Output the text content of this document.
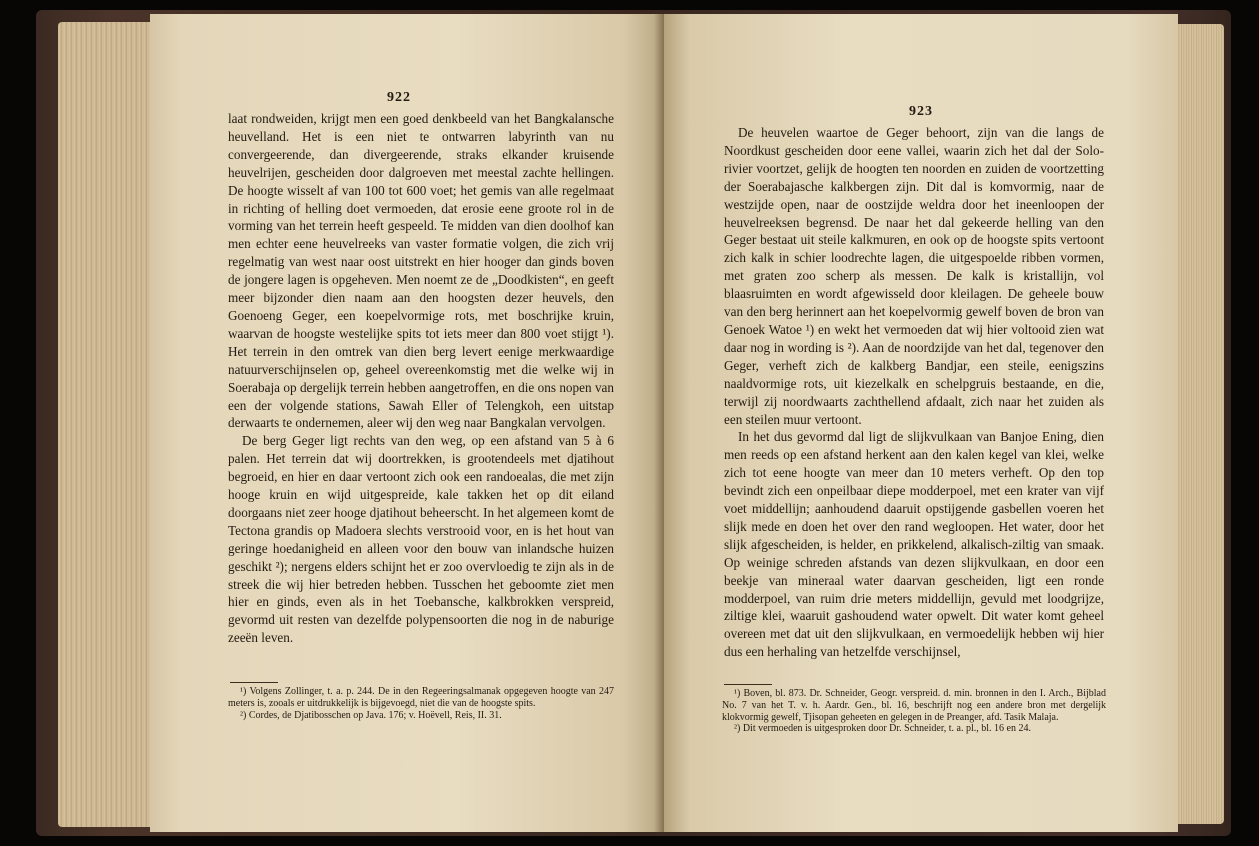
922

laat rondweiden, krijgt men een goed denkbeeld van het Bangkalansche heuvelland. Het is een niet te ontwarren labyrinth van nu convergeerende, dan divergeerende, straks elkander kruisende heuvelrijen, gescheiden door dalgroeven met meestal zachte hellingen. De hoogte wisselt af van 100 tot 600 voet; het gemis van alle regelmaat in richting of helling doet vermoeden, dat erosie eene groote rol in de vorming van het terrein heeft gespeeld. Te midden van dien doolhof kan men echter eene heuvelreeks van vaster formatie volgen, die zich vrij regelmatig van west naar oost uitstrekt en hier hooger dan ginds boven de jongere lagen is opgeheven. Men noemt ze de „Doodkisten“, en geeft meer bijzonder dien naam aan den hoogsten dezer heuvels, den Goenoeng Geger, een koepelvormige rots, met boschrijke kruin, waarvan de hoogste westelijke spits tot iets meer dan 800 voet stijgt ¹). Het terrein in den omtrek van dien berg levert eenige merkwaardige natuurverschijnselen op, geheel overeenkomstig met die welke wij in Soerabaja op dergelijk terrein hebben aangetroffen, en die ons nopen van een der volgende stations, Sawah Eller of Telengkoh, een uitstap derwaarts te ondernemen, aleer wij den weg naar Bangkalan vervolgen.

De berg Geger ligt rechts van den weg, op een afstand van 5 à 6 palen. Het terrein dat wij doortrekken, is grootendeels met djatihout begroeid, en hier en daar vertoont zich ook een randoealas, die met zijn hooge kruin en wijd uitgespreide, kale takken het op dit eiland doorgaans niet zeer hooge djatihout beheerscht. In het algemeen komt de Tectona grandis op Madoera slechts verstrooid voor, en is het hout van geringe hoedanigheid en alleen voor den bouw van inlandsche huizen geschikt ²); nergens elders schijnt het er zoo overvloedig te zijn als in de streek die wij hier betreden hebben. Tusschen het geboomte ziet men hier en ginds, even als in het Toebansche, kalkbrokken verspreid, gevormd uit resten van dezelfde polypensoorten die nog in de naburige zeeën leven.

¹) Volgens Zollinger, t. a. p. 244. De in den Regeeringsalmanak opgegeven hoogte van 247 meters is, zooals er uitdrukkelijk is bijgevoegd, niet die van de hoogste spits.

²) Cordes, de Djatibosschen op Java. 176; v. Hoëvell, Reis, II. 31.

923

De heuvelen waartoe de Geger behoort, zijn van die langs de Noordkust gescheiden door eene vallei, waarin zich het dal der Solo-rivier voortzet, gelijk de hoogten ten noorden en zuiden de voortzetting der Soerabajasche kalkbergen zijn. Dit dal is komvormig, naar de westzijde open, naar de oostzijde weldra door het ineenloopen der heuvelreeksen begrensd. De naar het dal gekeerde helling van den Geger bestaat uit steile kalkmuren, en ook op de hoogste spits vertoont zich kalk in schier loodrechte lagen, die uitgespoelde ribben vormen, met graten zoo scherp als messen. De kalk is kristallijn, vol blaasruimten en wordt afgewisseld door kleilagen. De geheele bouw van den berg herinnert aan het koepelvormig gewelf boven de bron van Genoek Watoe ¹) en wekt het vermoeden dat wij hier voltooid zien wat daar nog in wording is ²). Aan de noordzijde van het dal, tegenover den Geger, verheft zich de kalkberg Bandjar, een steile, eenigszins naaldvormige rots, uit kiezelkalk en schelpgruis bestaande, en die, terwijl zij noordwaarts zachthellend afdaalt, zich naar het zuiden als een steilen muur vertoont.

In het dus gevormd dal ligt de slijkvulkaan van Banjoe Ening, dien men reeds op een afstand herkent aan den kalen kegel van klei, welke zich tot eene hoogte van meer dan 10 meters verheft. Op den top bevindt zich een onpeilbaar diepe modderpoel, met een krater van vijf voet middellijn; aanhoudend daaruit opstijgende gasbellen voeren het slijk mede en doen het over den rand wegloopen. Het water, door het slijk afgescheiden, is helder, en prikkelend, alkalisch-ziltig van smaak. Op weinige schreden afstands van dezen slijkvulkaan, en door een beekje van mineraal water daarvan gescheiden, ligt een ronde modderpoel, van ruim drie meters middellijn, gevuld met loodgrijze, ziltige klei, waaruit gashoudend water opwelt. Dit water komt geheel overeen met dat uit den slijkvulkaan, en vermoedelijk hebben wij hier dus een herhaling van hetzelfde verschijnsel,

¹) Boven, bl. 873. Dr. Schneider, Geogr. verspreid. d. min. bronnen in den I. Arch., Bijblad No. 7 van het T. v. h. Aardr. Gen., bl. 16, beschrijft nog een andere bron met dergelijk klokvormig gewelf, Tjisopan geheeten en gelegen in de Preanger, afd. Tasik Malaja.

²) Dit vermoeden is uitgesproken door Dr. Schneider, t. a. pl., bl. 16 en 24.
